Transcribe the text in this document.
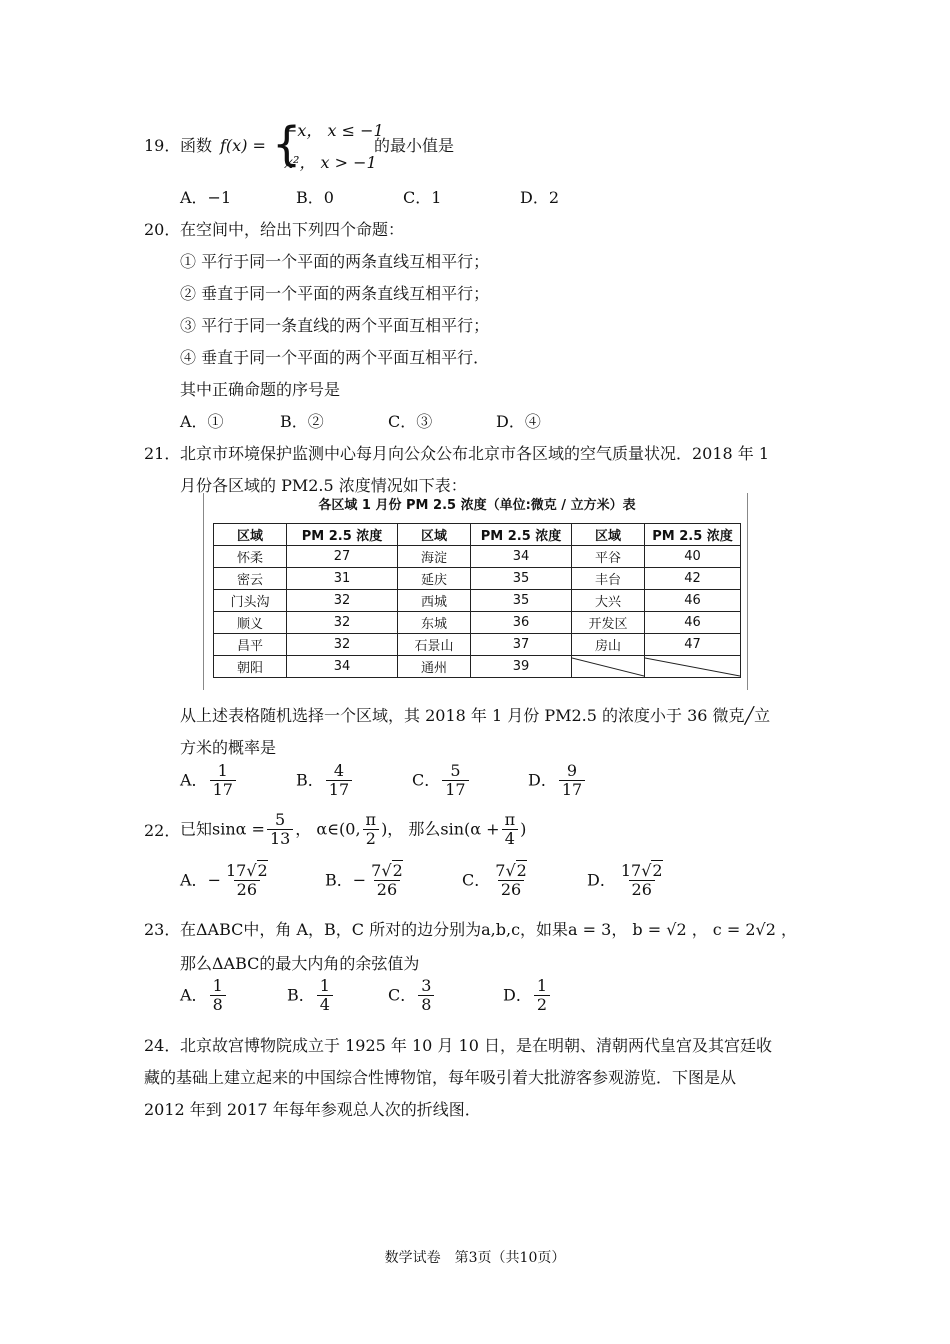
19． 函数 f(x) = {
−x， x ≤ −1
x²， x > −1
的最小值是
A．−1	B．0	C．1	D．2
20． 在空间中，给出下列四个命题：
① 平行于同一个平面的两条直线互相平行；
② 垂直于同一个平面的两条直线互相平行；
③ 平行于同一条直线的两个平面互相平行；
④ 垂直于同一个平面的两个平面互相平行．
其中正确命题的序号是
A．①	B．②	C．③	D．④
21． 北京市环境保护监测中心每月向公众公布北京市各区域的空气质量状况．2018 年 1
月份各区域的 PM2.5 浓度情况如下表：
各区域 1 月份 PM 2.5 浓度（单位:微克 / 立方米）表
区域	PM 2.5 浓度	区域	PM 2.5 浓度	区域	PM 2.5 浓度
怀柔	27	海淀	34	平谷	40
密云	31	延庆	35	丰台	42
门头沟	32	西城	35	大兴	46
顺义	32	东城	36	开发区	46
昌平	32	石景山	37	房山	47
朝阳	34	通州	39	

从上述表格随机选择一个区域，其 2018 年 1 月份 PM2.5 的浓度小于 36 微克╱立
方米的概率是
A． $\frac{1}{17}$	B． $\frac{4}{17}$	C． $\frac{5}{17}$	D． $\frac{9}{17}$
22． 已知$\sin\alpha = \frac{5}{13}$ ， α∈(0, $\frac{\pi}{2}$ )， 那么$\sin(\alpha + \frac{\pi}{4}$ )
A．− $\frac{17√2}{26}$	B．− $\frac{7√2}{26}$	C． $\frac{7√2}{26}$	D． $\frac{17√2}{26}$
23． 在ΔABC中，角 A，B，C 所对的边分别为a,b,c，如果a = 3， b = √2 ， c = 2√2 ，
那么ΔABC的最大内角的余弦值为
A． $\frac{1}{8}$	B． $\frac{1}{4}$	C． $\frac{3}{8}$	D． $\frac{1}{2}$
24． 北京故宫博物院成立于 1925 年 10 月 10 日，是在明朝、清朝两代皇宫及其宫廷收
藏的基础上建立起来的中国综合性博物馆，每年吸引着大批游客参观游览．下图是从
2012 年到 2017 年每年参观总人次的折线图．
数学试卷　第3页（共10页）
